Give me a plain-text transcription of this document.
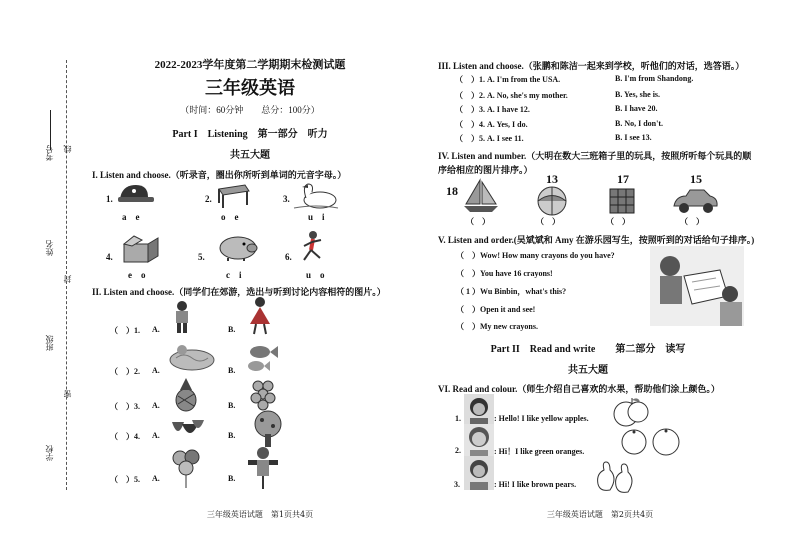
考号 线
姓名
封
班级
密
学校
2022-2023学年度第二学期期末检测试题
三年级英语
（时间：60分钟　　总分：100分）
Part I　Listening　第一部分　听力
共五大题
I. Listen and choose.（听录音，圈出你所听到单词的元音字母。）
1.
a　e
2.
o　e
3.
u　i
4.
e　o
5.
c　i
6.
u　o
II. Listen and choose.（同学们在郊游，选出与听到讨论内容相符的图片。）
（　）1. A.	B.
（　）2. A.	B.
（　）3. A.	B.
（　）4. A.	B.
（　）5. A.	B.
三年级英语试题　第1页共4页
III. Listen and choose.（张鹏和陈洁一起来到学校，听他们的对话，选答语。）
（　）1. A. I'm from the USA.	B. I'm from Shandong.
（　）2. A. No, she's my mother.	B. Yes, she is.
（　）3. A. I have 12.	B. I have 20.
（　）4. A. Yes, I do.	B. No, I don't.
（　）5. A. I see 11.	B. I see 13.
IV. Listen and number.（大明在数大三班箱子里的玩具，按照所听每个玩具的顺序给相应的图片排序。）
18
（　）
13
（　）
17
（　）
15
（　）
V. Listen and order.(吴斌斌和 Amy 在游乐园写生，按照听到的对话给句子排序。)
（　）Wow! How many crayons do you have?
（　）You have 16 crayons!
（ 1 ）Wu Binbin，what's this?
（　）Open it and see!
（　）My new crayons.
Part II　Read and write　　第二部分　读写
共五大题
VI. Read and colour.（师生介绍自己喜欢的水果，帮助他们涂上颜色。）
1.	: Hello! I like yellow apples.
2.	: Hi！I like green oranges.
3.	: Hi! I like brown pears.
三年级英语试题　第2页共4页
